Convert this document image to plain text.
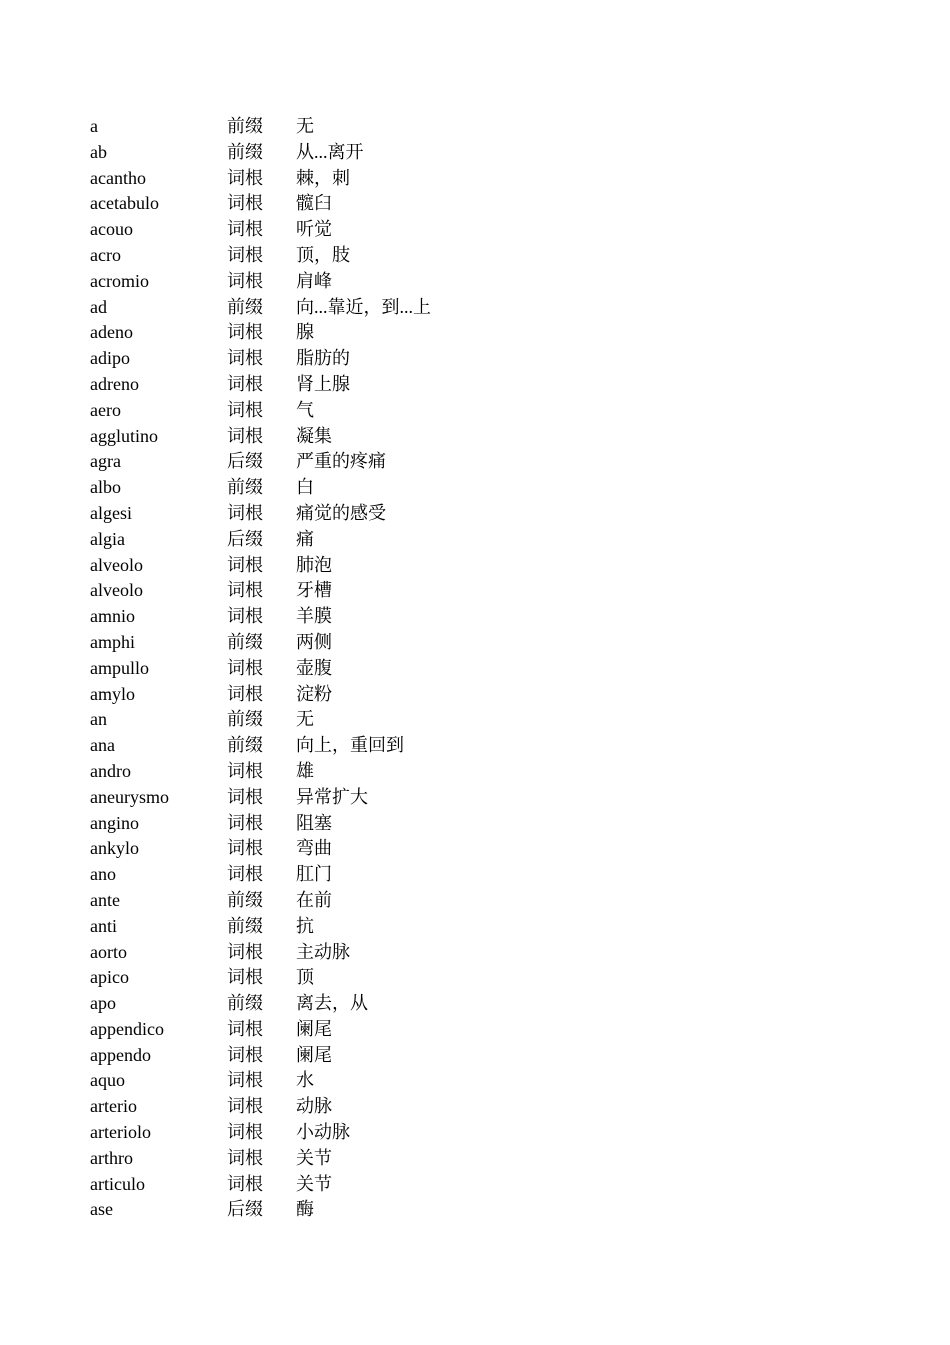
a	前缀 无
ab	前缀 从...离开
acantho	词根 棘，刺
acetabulo	词根 髋臼
acouo	词根 听觉
acro	词根 顶，肢
acromio	词根 肩峰
ad	前缀 向...靠近，到...上
adeno	词根 腺
adipo	词根 脂肪的
adreno	词根 肾上腺
aero	词根 气
agglutino	词根 凝集
agra	后缀 严重的疼痛
albo	前缀 白
algesi	词根 痛觉的感受
algia	后缀 痛
alveolo	词根 肺泡
alveolo	词根 牙槽
amnio	词根 羊膜
amphi	前缀 两侧
ampullo	词根 壶腹
amylo	词根 淀粉
an	前缀 无
ana	前缀 向上，重回到
andro	词根 雄
aneurysmo	词根 异常扩大
angino	词根 阻塞
ankylo	词根 弯曲
ano	词根 肛门
ante	前缀 在前
anti	前缀 抗
aorto	词根 主动脉
apico	词根 顶
apo	前缀 离去，从
appendico	词根 阑尾
appendo	词根 阑尾
aquo	词根 水
arterio	词根 动脉
arteriolo	词根 小动脉
arthro	词根 关节
articulo	词根 关节
ase	后缀 酶
